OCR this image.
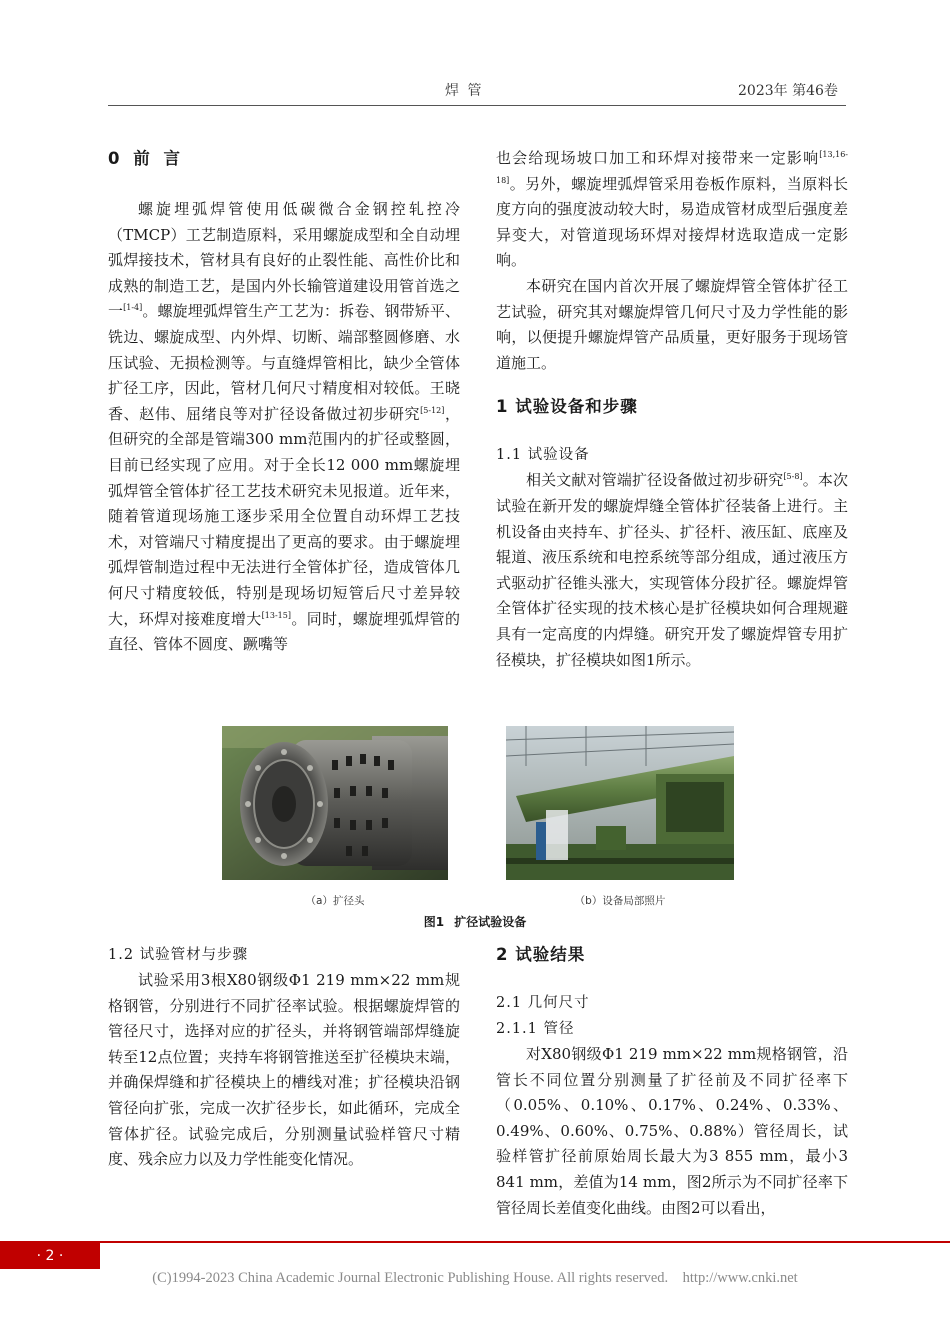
焊 管	2023年 第46卷
0 前 言

螺旋埋弧焊管使用低碳微合金钢控轧控冷（TMCP）工艺制造原料，采用螺旋成型和全自动埋弧焊接技术，管材具有良好的止裂性能、高性价比和成熟的制造工艺，是国内外长输管道建设用管首选之一[1-4]。螺旋埋弧焊管生产工艺为：拆卷、钢带矫平、铣边、螺旋成型、内外焊、切断、端部整圆修磨、水压试验、无损检测等。与直缝焊管相比，缺少全管体扩径工序，因此，管材几何尺寸精度相对较低。王晓香、赵伟、屈绪良等对扩径设备做过初步研究[5-12]，但研究的全部是管端300 mm范围内的扩径或整圆，目前已经实现了应用。对于全长12 000 mm螺旋埋弧焊管全管体扩径工艺技术研究未见报道。近年来，随着管道现场施工逐步采用全位置自动环焊工艺技术，对管端尺寸精度提出了更高的要求。由于螺旋埋弧焊管制造过程中无法进行全管体扩径，造成管体几何尺寸精度较低，特别是现场切短管后尺寸差异较大，环焊对接难度增大[13-15]。同时，螺旋埋弧焊管的直径、管体不圆度、蹶嘴等

1.2 试验管材与步骤

试验采用3根X80钢级Φ1 219 mm×22 mm规格钢管，分别进行不同扩径率试验。根据螺旋焊管的管径尺寸，选择对应的扩径头，并将钢管端部焊缝旋转至12点位置；夹持车将钢管推送至扩径模块末端，并确保焊缝和扩径模块上的槽线对准；扩径模块沿钢管径向扩张，完成一次扩径步长，如此循环，完成全管体扩径。试验完成后，分别测量试验样管尺寸精度、残余应力以及力学性能变化情况。

也会给现场坡口加工和环焊对接带来一定影响[13,16-18]。另外，螺旋埋弧焊管采用卷板作原料，当原料长度方向的强度波动较大时，易造成管材成型后强度差异变大，对管道现场环焊对接焊材选取造成一定影响。

本研究在国内首次开展了螺旋焊管全管体扩径工艺试验，研究其对螺旋焊管几何尺寸及力学性能的影响，以便提升螺旋焊管产品质量，更好服务于现场管道施工。

1 试验设备和步骤
1.1 试验设备

相关文献对管端扩径设备做过初步研究[5-8]。本次试验在新开发的螺旋焊缝全管体扩径装备上进行。主机设备由夹持车、扩径头、扩径杆、液压缸、底座及辊道、液压系统和电控系统等部分组成，通过液压方式驱动扩径锥头涨大，实现管体分段扩径。螺旋焊管全管体扩径实现的技术核心是扩径模块如何合理规避具有一定高度的内焊缝。研究开发了螺旋焊管专用扩径模块，扩径模块如图1所示。

2 试验结果
2.1 几何尺寸
2.1.1 管径

对X80钢级Φ1 219 mm×22 mm规格钢管，沿管长不同位置分别测量了扩径前及不同扩径率下（0.05%、0.10%、0.17%、0.24%、0.33%、0.49%、0.60%、0.75%、0.88%）管径周长，试验样管扩径前原始周长最大为3 855 mm，最小3 841 mm，差值为14 mm，图2所示为不同扩径率下管径周长差值变化曲线。由图2可以看出，

（a）扩径头	（b）设备局部照片
图1 扩径试验设备
· 2 ·
(C)1994-2023 China Academic Journal Electronic Publishing House. All rights reserved.    http://www.cnki.net
